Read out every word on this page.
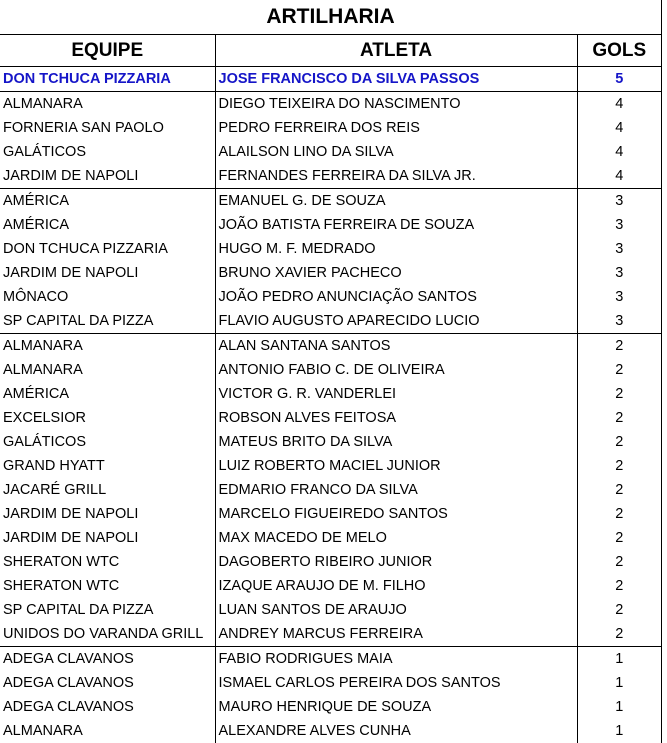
ARTILHARIA
EQUIPE	ATLETA	GOLS
DON TCHUCA PIZZARIA	JOSE FRANCISCO DA SILVA PASSOS	5
ALMANARA	DIEGO TEIXEIRA DO NASCIMENTO	4
FORNERIA SAN PAOLO	PEDRO FERREIRA DOS REIS	4
GALÁTICOS	ALAILSON LINO DA SILVA	4
JARDIM DE NAPOLI	FERNANDES FERREIRA DA SILVA JR.	4
AMÉRICA	EMANUEL G. DE SOUZA	3
AMÉRICA	JOÃO BATISTA FERREIRA DE SOUZA	3
DON TCHUCA PIZZARIA	HUGO M. F. MEDRADO	3
JARDIM DE NAPOLI	BRUNO XAVIER PACHECO	3
MÔNACO	JOÃO PEDRO ANUNCIAÇÃO SANTOS	3
SP CAPITAL DA PIZZA	FLAVIO AUGUSTO APARECIDO LUCIO	3
ALMANARA	ALAN SANTANA SANTOS	2
ALMANARA	ANTONIO FABIO C. DE OLIVEIRA	2
AMÉRICA	VICTOR G. R. VANDERLEI	2
EXCELSIOR	ROBSON ALVES FEITOSA	2
GALÁTICOS	MATEUS BRITO DA SILVA	2
GRAND HYATT	LUIZ ROBERTO MACIEL JUNIOR	2
JACARÉ GRILL	EDMARIO FRANCO DA SILVA	2
JARDIM DE NAPOLI	MARCELO FIGUEIREDO SANTOS	2
JARDIM DE NAPOLI	MAX MACEDO DE MELO	2
SHERATON WTC	DAGOBERTO RIBEIRO JUNIOR	2
SHERATON WTC	IZAQUE ARAUJO DE M. FILHO	2
SP CAPITAL DA PIZZA	LUAN SANTOS DE ARAUJO	2
UNIDOS DO VARANDA GRILL	ANDREY MARCUS FERREIRA	2
ADEGA CLAVANOS	FABIO RODRIGUES MAIA	1
ADEGA CLAVANOS	ISMAEL CARLOS PEREIRA DOS SANTOS	1
ADEGA CLAVANOS	MAURO HENRIQUE DE SOUZA	1
ALMANARA	ALEXANDRE ALVES CUNHA	1
